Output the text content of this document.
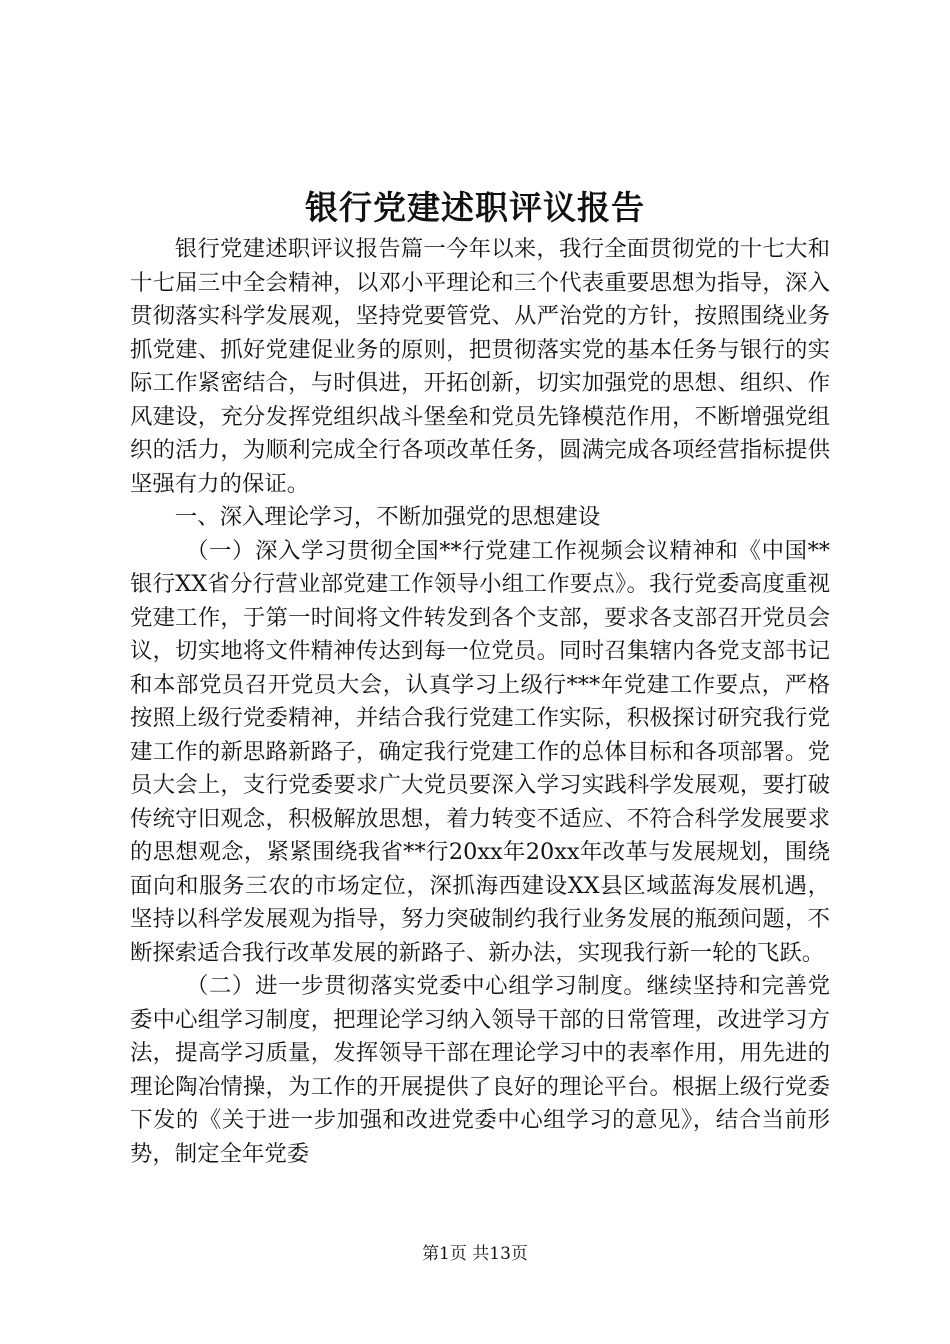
银行党建述职评议报告

银行党建述职评议报告篇一今年以来，我行全面贯彻党的十七大和十七届三中全会精神，以邓小平理论和三个代表重要思想为指导，深入贯彻落实科学发展观，坚持党要管党、从严治党的方针，按照围绕业务抓党建、抓好党建促业务的原则，把贯彻落实党的基本任务与银行的实际工作紧密结合，与时俱进，开拓创新，切实加强党的思想、组织、作风建设，充分发挥党组织战斗堡垒和党员先锋模范作用，不断增强党组织的活力，为顺利完成全行各项改革任务，圆满完成各项经营指标提供坚强有力的保证。

一、深入理论学习，不断加强党的思想建设

（一）深入学习贯彻全国**行党建工作视频会议精神和《中国**银行XX省分行营业部党建工作领导小组工作要点》。我行党委高度重视党建工作，于第一时间将文件转发到各个支部，要求各支部召开党员会议，切实地将文件精神传达到每一位党员。同时召集辖内各党支部书记和本部党员召开党员大会，认真学习上级行***年党建工作要点，严格按照上级行党委精神，并结合我行党建工作实际，积极探讨研究我行党建工作的新思路新路子，确定我行党建工作的总体目标和各项部署。党员大会上，支行党委要求广大党员要深入学习实践科学发展观，要打破传统守旧观念，积极解放思想，着力转变不适应、不符合科学发展要求的思想观念，紧紧围绕我省**行20xx年20xx年改革与发展规划，围绕面向和服务三农的市场定位，深抓海西建设XX县区域蓝海发展机遇，坚持以科学发展观为指导，努力突破制约我行业务发展的瓶颈问题，不断探索适合我行改革发展的新路子、新办法，实现我行新一轮的飞跃。

（二）进一步贯彻落实党委中心组学习制度。继续坚持和完善党委中心组学习制度，把理论学习纳入领导干部的日常管理，改进学习方法，提高学习质量，发挥领导干部在理论学习中的表率作用，用先进的理论陶冶情操，为工作的开展提供了良好的理论平台。根据上级行党委下发的《关于进一步加强和改进党委中心组学习的意见》，结合当前形势，制定全年党委

第1页 共13页
